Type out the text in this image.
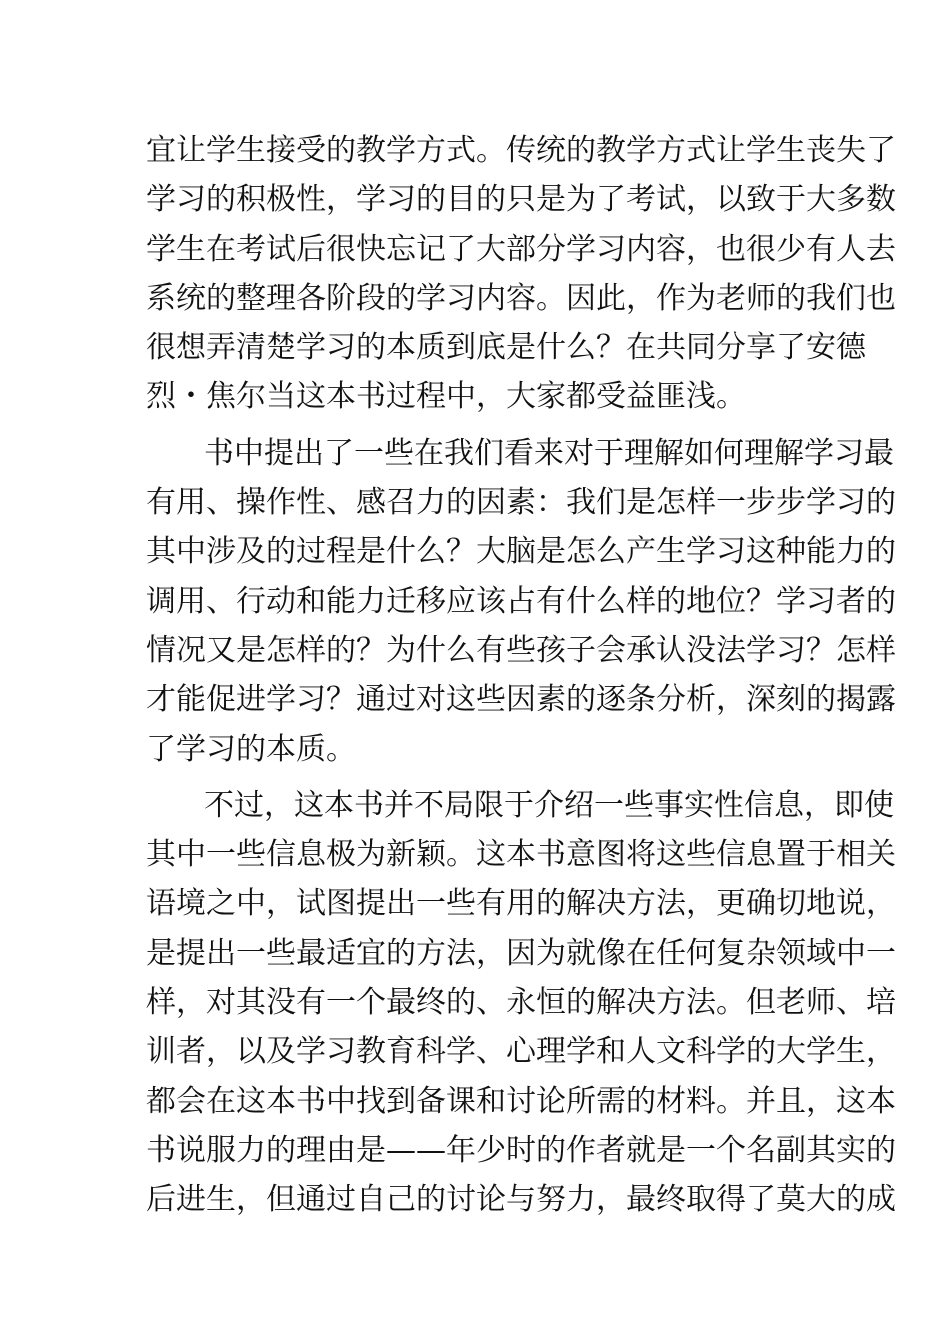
宜让学生接受的教学方式。传统的教学方式让学生丧失了
学习的积极性，学习的目的只是为了考试，以致于大多数
学生在考试后很快忘记了大部分学习内容，也很少有人去
系统的整理各阶段的学习内容。因此，作为老师的我们也
很想弄清楚学习的本质到底是什么？在共同分享了安德
烈・焦尔当这本书过程中，大家都受益匪浅。
书中提出了一些在我们看来对于理解如何理解学习最
有用、操作性、感召力的因素：我们是怎样一步步学习的
其中涉及的过程是什么？大脑是怎么产生学习这种能力的
调用、行动和能力迁移应该占有什么样的地位？学习者的
情况又是怎样的？为什么有些孩子会承认没法学习？怎样
才能促进学习？通过对这些因素的逐条分析，深刻的揭露
了学习的本质。
不过，这本书并不局限于介绍一些事实性信息，即使
其中一些信息极为新颖。这本书意图将这些信息置于相关
语境之中，试图提出一些有用的解决方法，更确切地说，
是提出一些最适宜的方法，因为就像在任何复杂领域中一
样，对其没有一个最终的、永恒的解决方法。但老师、培
训者，以及学习教育科学、心理学和人文科学的大学生，
都会在这本书中找到备课和讨论所需的材料。并且，这本
书说服力的理由是——年少时的作者就是一个名副其实的
后进生，但通过自己的讨论与努力，最终取得了莫大的成
